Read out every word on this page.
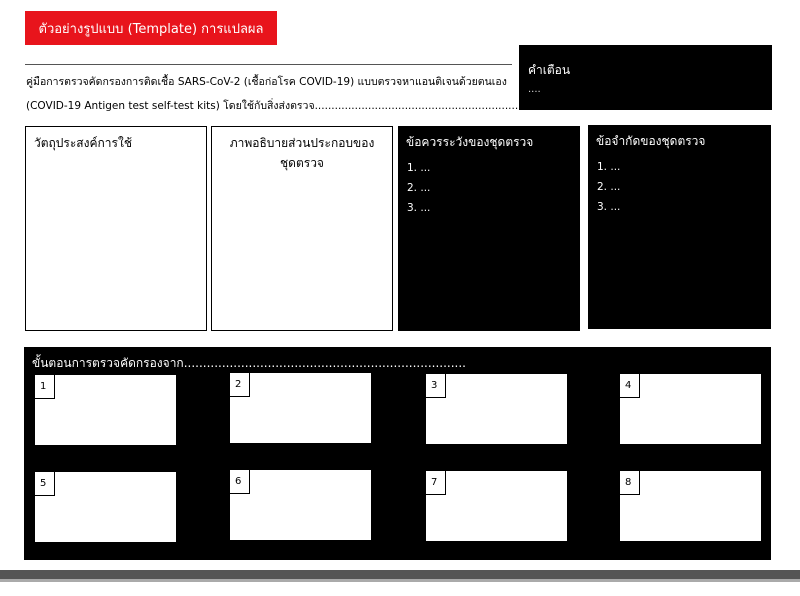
ตัวอย่างรูปแบบ (Template) การแปลผล
คู่มือการตรวจคัดกรองการติดเชื้อ SARS-CoV-2 (เชื้อก่อโรค COVID-19) แบบตรวจหาแอนติเจนด้วยตนเอง
(COVID-19 Antigen test self-test kits) โดยใช้กับสิ่งส่งตรวจ.............................................................
คำเตือน
....
วัตถุประสงค์การใช้	ภาพอธิบายส่วนประกอบของชุดตรวจ
ข้อควรระวังของชุดตรวจ
1. ...
2. ...
3. ...
ข้อจำกัดของชุดตรวจ
1. ...
2. ...
3. ...
ขั้นตอนการตรวจคัดกรองจาก..........................................................................
1	2	3	4
5	6	7	8
